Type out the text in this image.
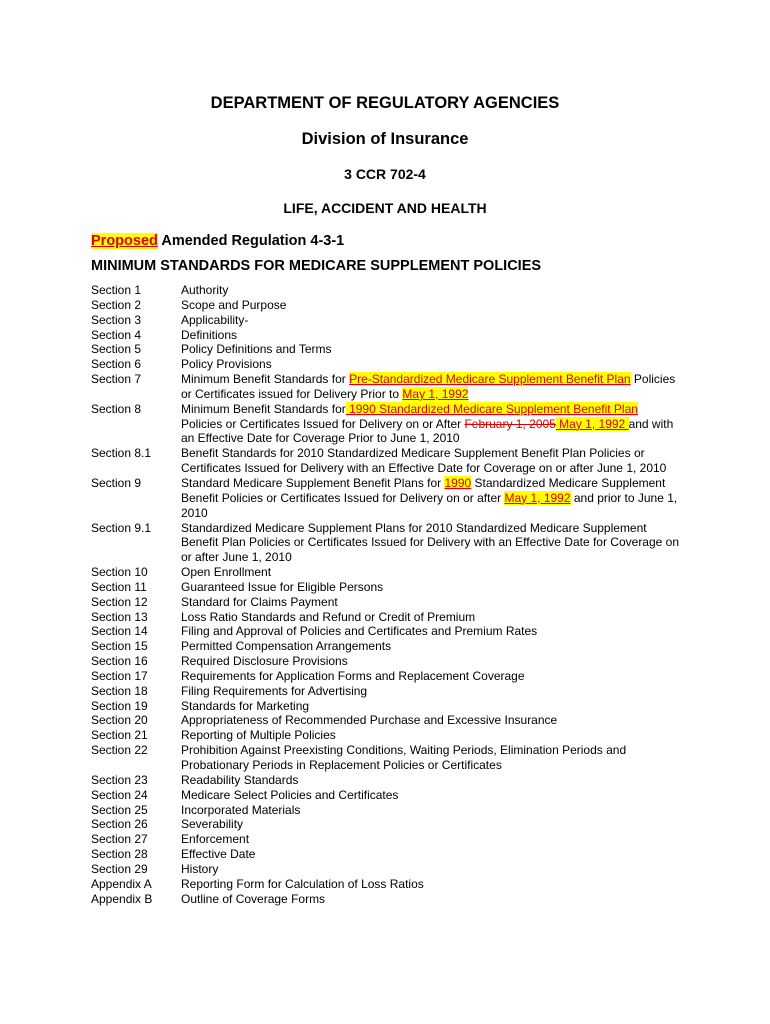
DEPARTMENT OF REGULATORY AGENCIES
Division of Insurance
3 CCR 702-4
LIFE, ACCIDENT AND HEALTH
Proposed Amended Regulation 4-3-1
MINIMUM STANDARDS FOR MEDICARE SUPPLEMENT POLICIES
Section 1	Authority
Section 2	Scope and Purpose
Section 3	Applicability-
Section 4	Definitions
Section 5	Policy Definitions and Terms
Section 6	Policy Provisions
Section 7	Minimum Benefit Standards for Pre-Standardized Medicare Supplement Benefit Plan Policies or Certificates issued for Delivery Prior to May 1, 1992
Section 8	Minimum Benefit Standards for 1990 Standardized Medicare Supplement Benefit Plan Policies or Certificates Issued for Delivery on or After February 1, 2005 May 1, 1992 and with an Effective Date for Coverage Prior to June 1, 2010
Section 8.1	Benefit Standards for 2010 Standardized Medicare Supplement Benefit Plan Policies or Certificates Issued for Delivery with an Effective Date for Coverage on or after June 1, 2010
Section 9	Standard Medicare Supplement Benefit Plans for 1990 Standardized Medicare Supplement Benefit Policies or Certificates Issued for Delivery on or after May 1, 1992 and prior to June 1, 2010
Section 9.1	Standardized Medicare Supplement Plans for 2010 Standardized Medicare Supplement Benefit Plan Policies or Certificates Issued for Delivery with an Effective Date for Coverage on or after June 1, 2010
Section 10	Open Enrollment
Section 11	Guaranteed Issue for Eligible Persons
Section 12	Standard for Claims Payment
Section 13	Loss Ratio Standards and Refund or Credit of Premium
Section 14	Filing and Approval of Policies and Certificates and Premium Rates
Section 15	Permitted Compensation Arrangements
Section 16	Required Disclosure Provisions
Section 17	Requirements for Application Forms and Replacement Coverage
Section 18	Filing Requirements for Advertising
Section 19	Standards for Marketing
Section 20	Appropriateness of Recommended Purchase and Excessive Insurance
Section 21	Reporting of Multiple Policies
Section 22	Prohibition Against Preexisting Conditions, Waiting Periods, Elimination Periods and Probationary Periods in Replacement Policies or Certificates
Section 23	Readability Standards
Section 24	Medicare Select Policies and Certificates
Section 25	Incorporated Materials
Section 26	Severability
Section 27	Enforcement
Section 28	Effective Date
Section 29	History
Appendix A	Reporting Form for Calculation of Loss Ratios
Appendix B	Outline of Coverage Forms
